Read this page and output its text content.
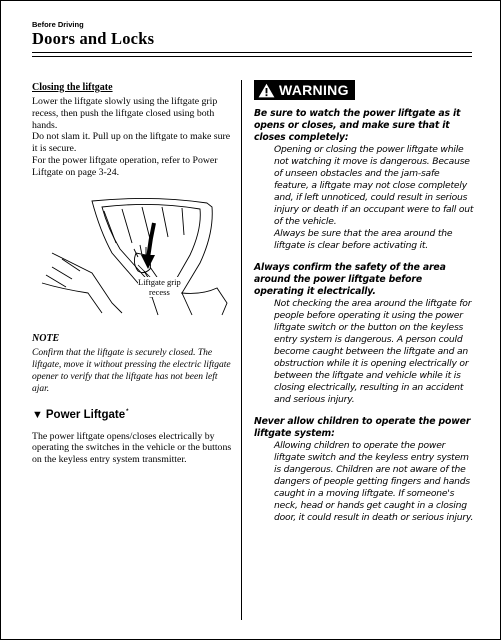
Before Driving
Doors and Locks
Closing the liftgate
Lower the liftgate slowly using the liftgate grip recess, then push the liftgate closed using both hands.
Do not slam it. Pull up on the liftgate to make sure it is secure.
For the power liftgate operation, refer to Power Liftgate on page 3-24.
Liftgate grip
recess
NOTE
Confirm that the liftgate is securely closed. The liftgate, move it without pressing the electric liftgate opener to verify that the liftgate has not been left ajar.
▼ Power Liftgate*
The power liftgate opens/closes electrically by operating the switches in the vehicle or the buttons on the keyless entry system transmitter.
WARNING
Be sure to watch the power liftgate as it opens or closes, and make sure that it closes completely:
Opening or closing the power liftgate while not watching it move is dangerous. Because of unseen obstacles and the jam-safe feature, a liftgate may not close completely and, if left unnoticed, could result in serious injury or death if an occupant were to fall out of the vehicle.
Always be sure that the area around the liftgate is clear before activating it.
Always confirm the safety of the area around the power liftgate before operating it electrically.
Not checking the area around the liftgate for people before operating it using the power liftgate switch or the button on the keyless entry system is dangerous. A person could become caught between the liftgate and an obstruction while it is opening electrically or between the liftgate and vehicle while it is closing electrically, resulting in an accident and serious injury.
Never allow children to operate the power liftgate system:
Allowing children to operate the power liftgate switch and the keyless entry system is dangerous. Children are not aware of the dangers of people getting fingers and hands caught in a moving liftgate. If someone's neck, head or hands get caught in a closing door, it could result in death or serious injury.
